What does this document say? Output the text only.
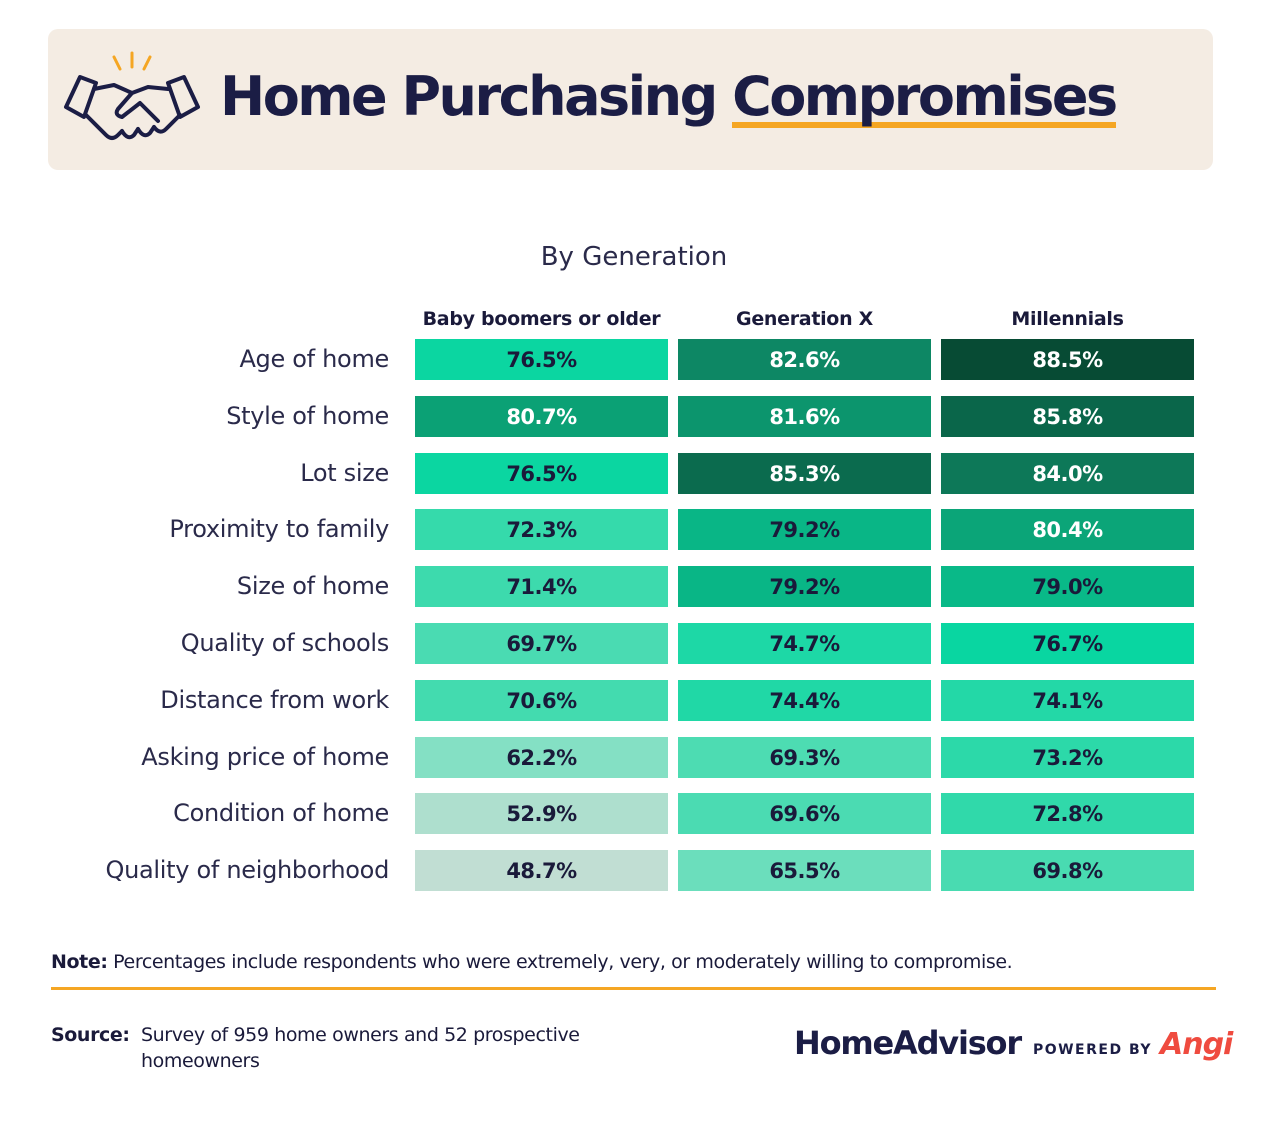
Home Purchasing Compromises
By Generation
Baby boomers or older	Generation X	Millennials
Age of home	76.5%	82.6%	88.5%
Style of home	80.7%	81.6%	85.8%
Lot size	76.5%	85.3%	84.0%
Proximity to family	72.3%	79.2%	80.4%
Size of home	71.4%	79.2%	79.0%
Quality of schools	69.7%	74.7%	76.7%
Distance from work	70.6%	74.4%	74.1%
Asking price of home	62.2%	69.3%	73.2%
Condition of home	52.9%	69.6%	72.8%
Quality of neighborhood	48.7%	65.5%	69.8%
Note: Percentages include respondents who were extremely, very, or moderately willing to compromise.
Source: Survey of 959 home owners and 52 prospective homeowners	HomeAdvisor POWERED BY Angi
